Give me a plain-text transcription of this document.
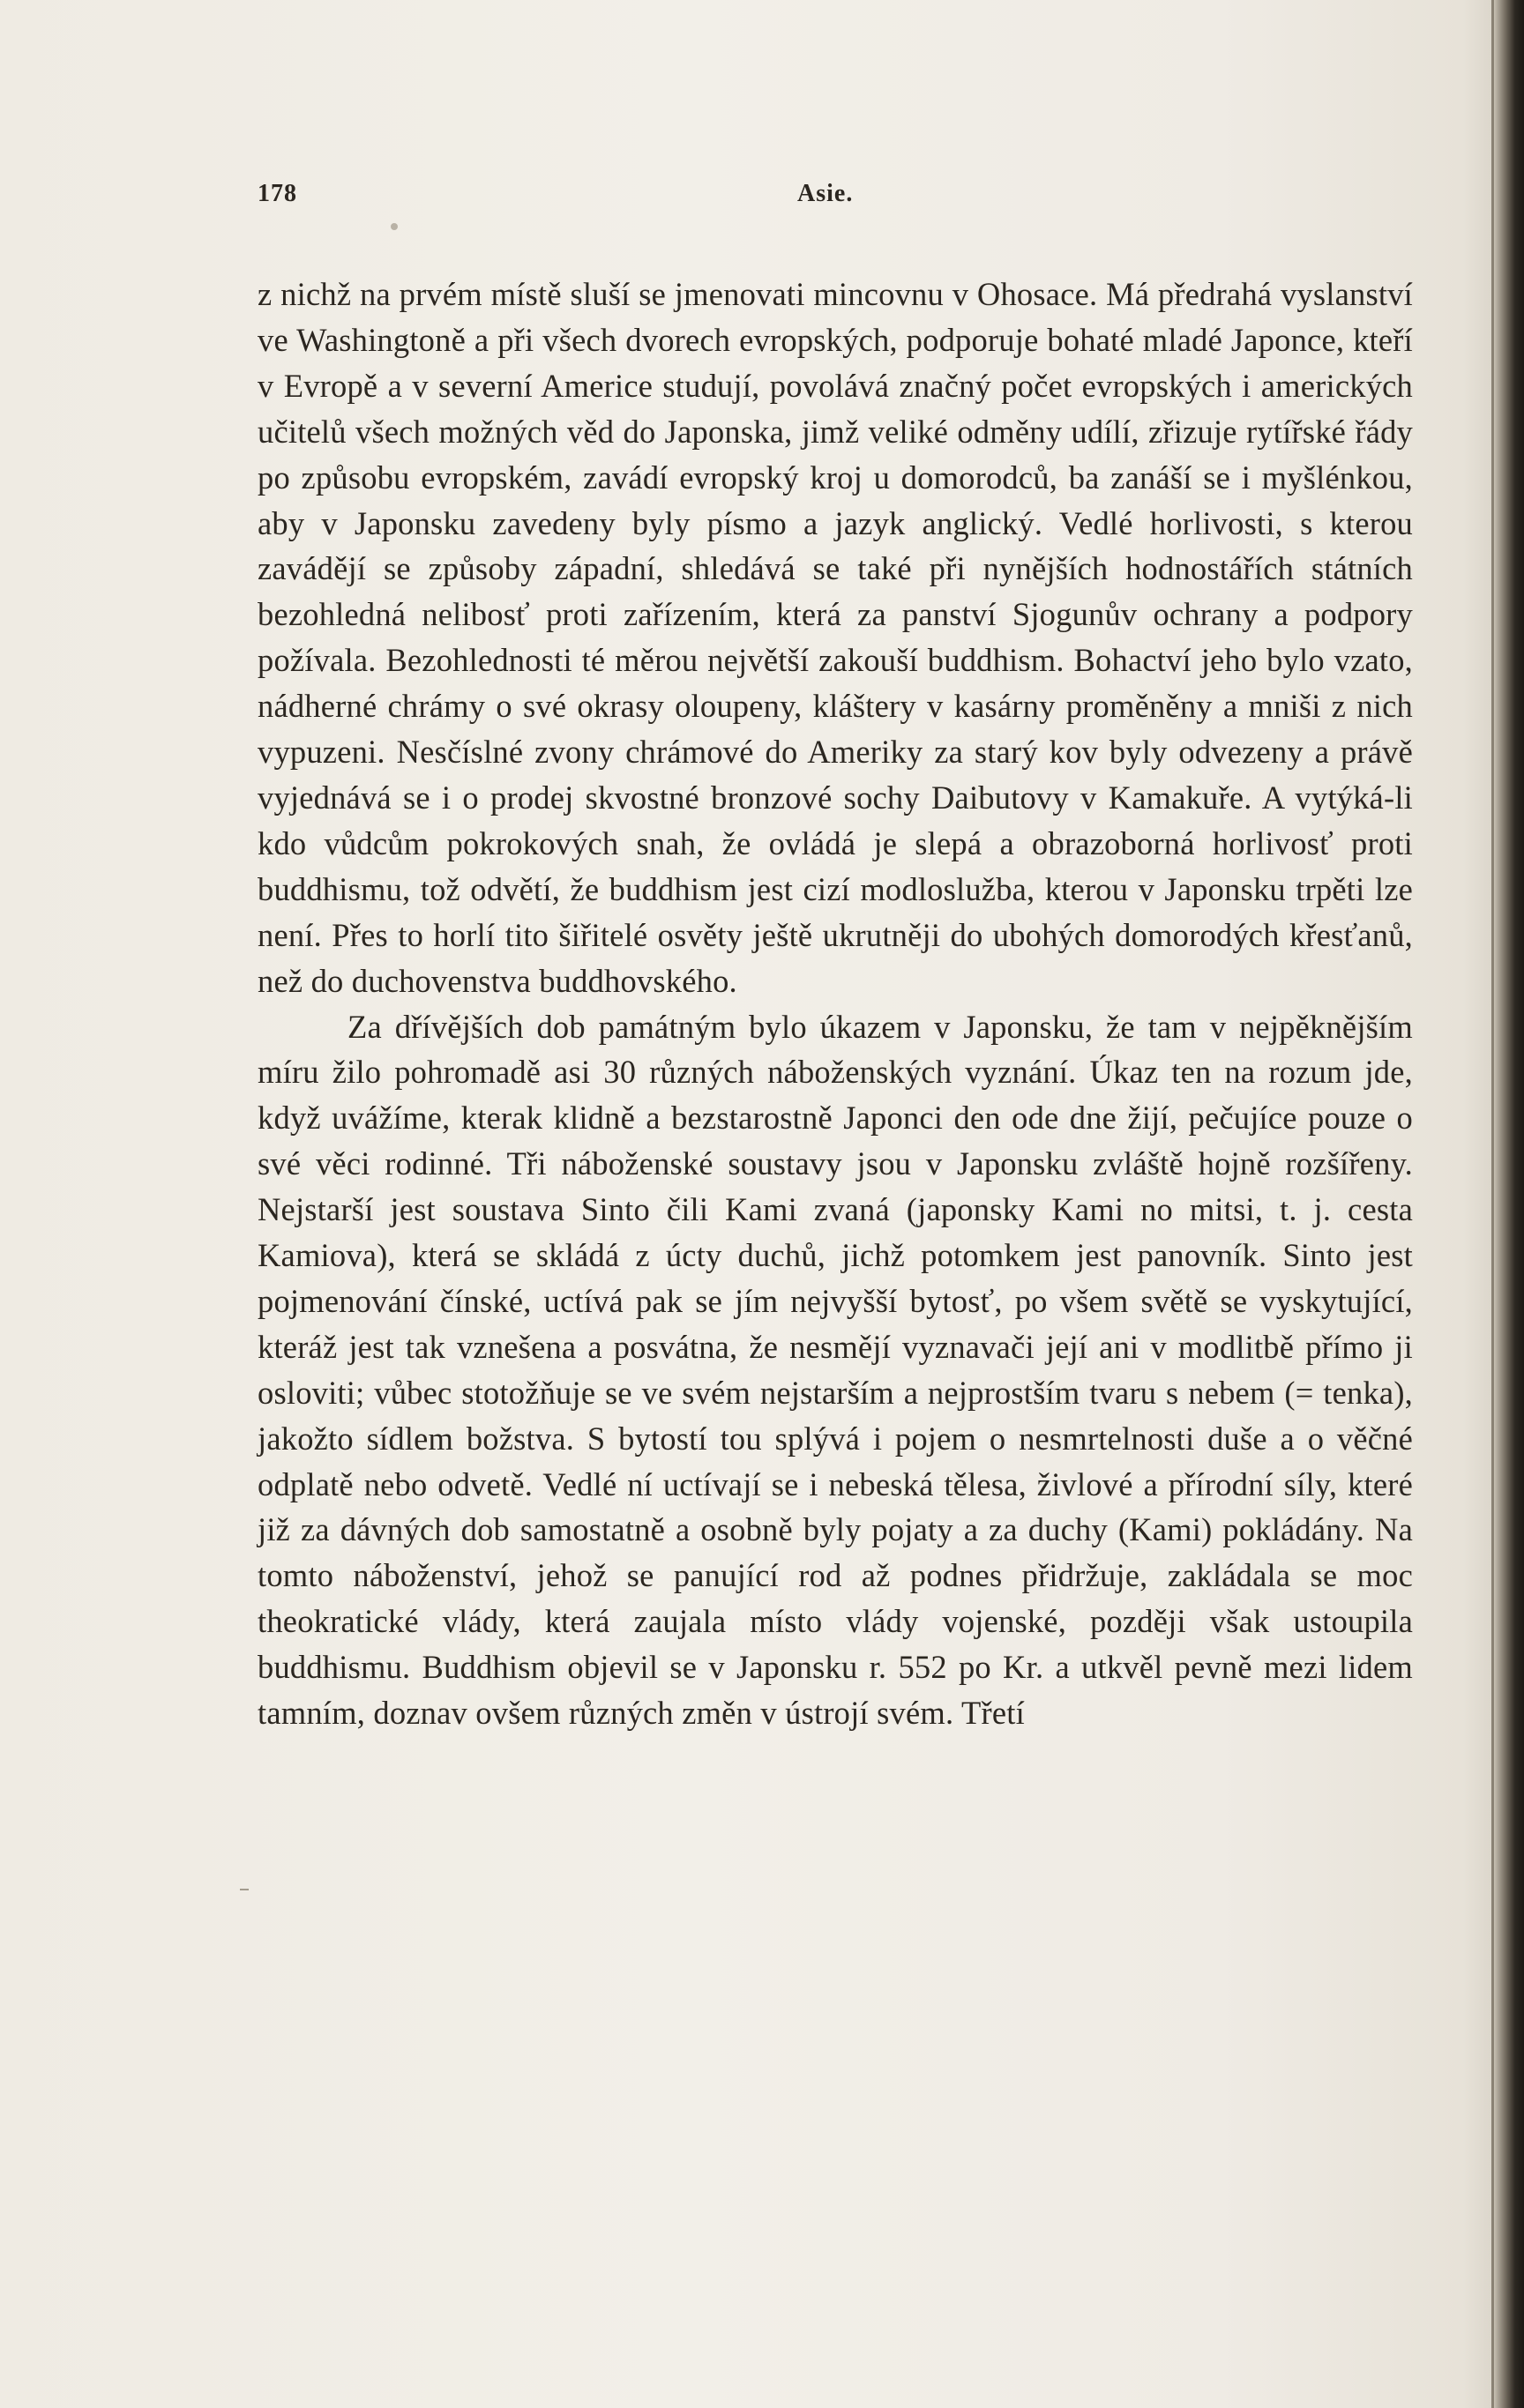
178	Asie.

z nichž na prvém místě sluší se jmenovati mincovnu v Ohosace. Má předrahá vyslanství ve Washingtoně a při všech dvorech evropských, podporuje bohaté mladé Japonce, kteří v Evropě a v severní Americe studují, povolává značný počet evropských i amerických učitelů všech možných věd do Japonska, jimž veliké odměny udílí, zřizuje rytířské řády po způsobu evropském, zavádí evropský kroj u domorodců, ba zanáší se i myšlénkou, aby v Japonsku zavedeny byly písmo a jazyk anglický. Vedlé horlivosti, s kterou zavádějí se způsoby západní, shledává se také při nynějších hodnostářích státních bezohledná nelibosť proti zařízením, která za panství Sjogunův ochrany a podpory požívala. Bezohlednosti té měrou největší zakouší buddhism. Bohactví jeho bylo vzato, nádherné chrámy o své okrasy oloupeny, kláštery v kasárny proměněny a mniši z nich vypuzeni. Nesčíslné zvony chrámové do Ameriky za starý kov byly odvezeny a právě vyjednává se i o prodej skvostné bronzové sochy Daibutovy v Kamakuře. A vytýká-li kdo vůdcům pokrokových snah, že ovládá je slepá a obrazoborná horlivosť proti buddhismu, tož odvětí, že buddhism jest cizí modloslužba, kterou v Japonsku trpěti lze není. Přes to horlí tito šiřitelé osvěty ještě ukrutněji do ubohých domorodých křesťanů, než do duchovenstva buddhovského.

Za dřívějších dob památným bylo úkazem v Japonsku, že tam v nejpěknějším míru žilo pohromadě asi 30 různých náboženských vyznání. Úkaz ten na rozum jde, když uvážíme, kterak klidně a bezstarostně Japonci den ode dne žijí, pečujíce pouze o své věci rodinné. Tři náboženské soustavy jsou v Japonsku zvláště hojně rozšířeny. Nejstarší jest soustava Sinto čili Kami zvaná (japonsky Kami no mitsi, t. j. cesta Kamiova), která se skládá z úcty duchů, jichž potomkem jest panovník. Sinto jest pojmenování čínské, uctívá pak se jím nejvyšší bytosť, po všem světě se vyskytující, kteráž jest tak vznešena a posvátna, že nesmějí vyznavači její ani v modlitbě přímo ji osloviti; vůbec stotožňuje se ve svém nejstarším a nejprostším tvaru s nebem (= tenka), jakožto sídlem božstva. S bytostí tou splývá i pojem o nesmrtelnosti duše a o věčné odplatě nebo odvetě. Vedlé ní uctívají se i nebeská tělesa, živlové a přírodní síly, které již za dávných dob samostatně a osobně byly pojaty a za duchy (Kami) pokládány. Na tomto náboženství, jehož se panující rod až podnes přidržuje, zakládala se moc theokratické vlády, která zaujala místo vlády vojenské, později však ustoupila buddhismu. Buddhism objevil se v Japonsku r. 552 po Kr. a utkvěl pevně mezi lidem tamním, doznav ovšem různých změn v ústrojí svém. Třetí
